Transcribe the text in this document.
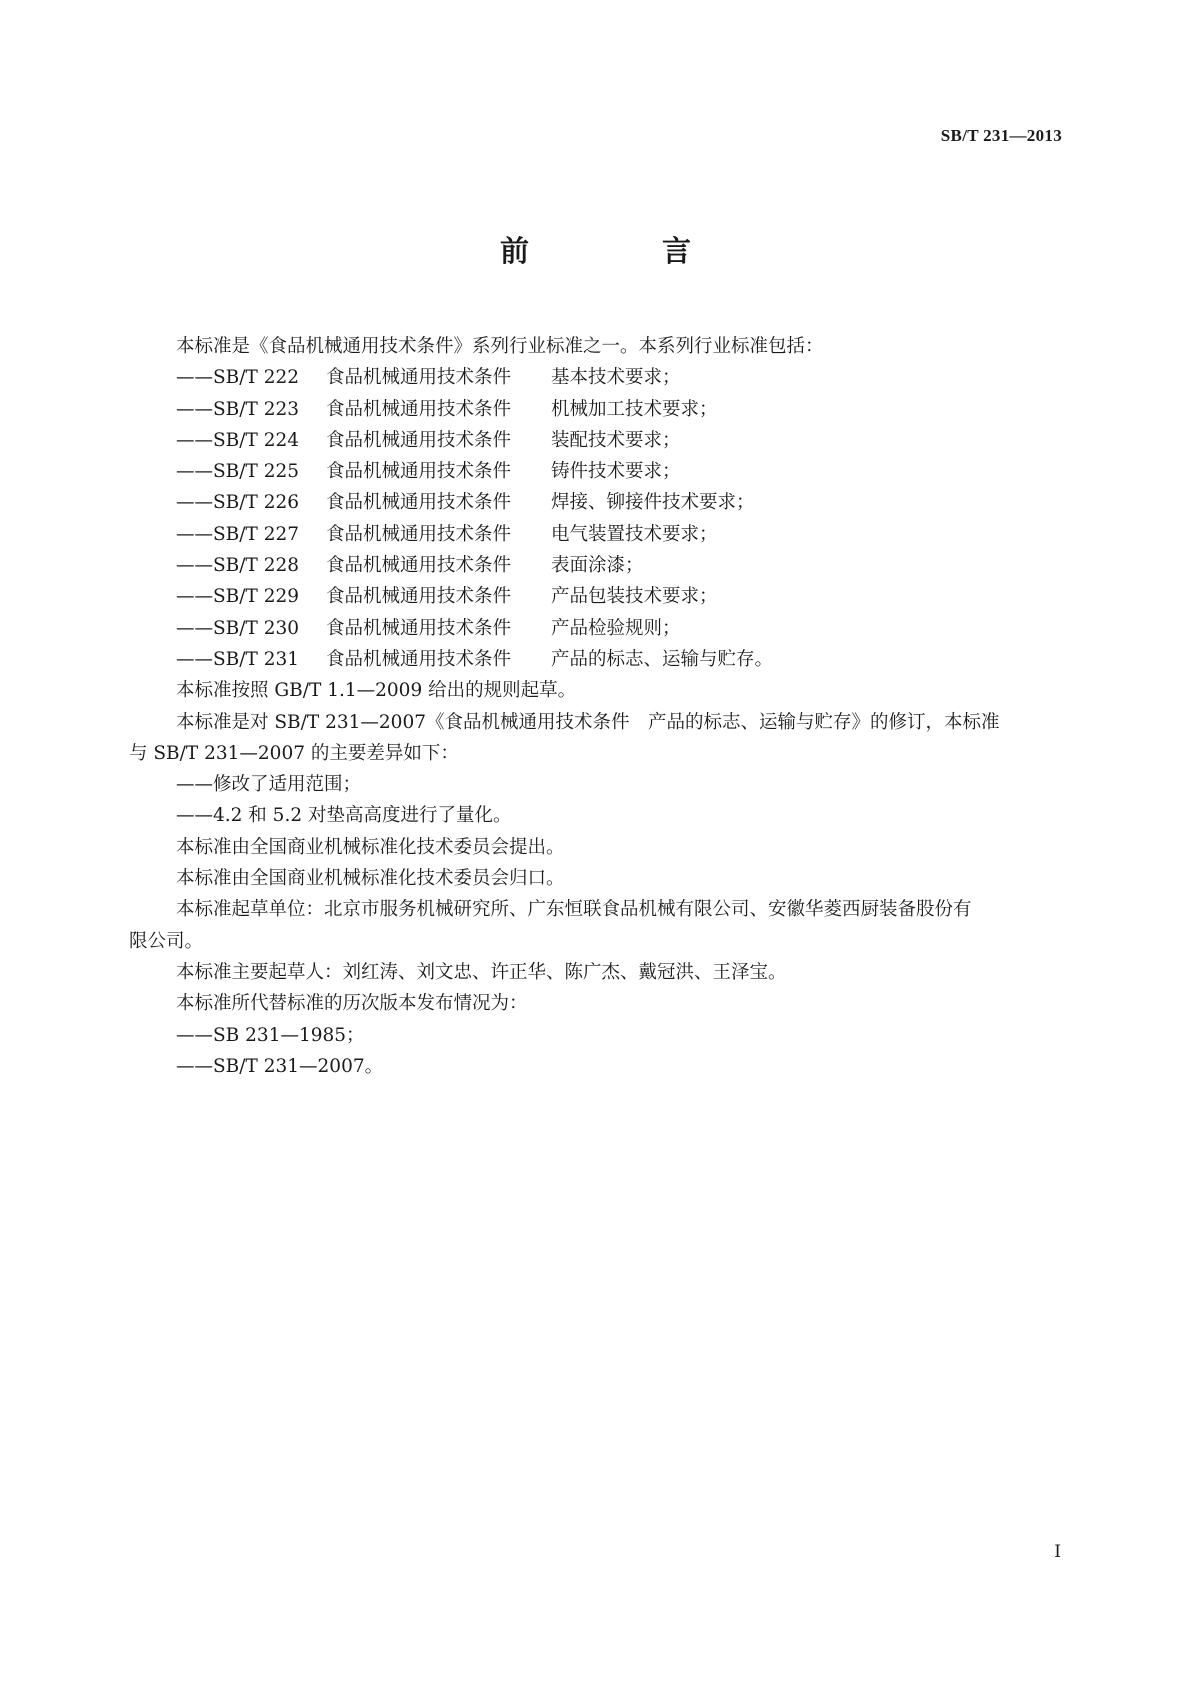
SB/T 231—2013
前　言
本标准是《食品机械通用技术条件》系列行业标准之一。本系列行业标准包括：
——SB/T 222	食品机械通用技术条件	基本技术要求；
——SB/T 223	食品机械通用技术条件	机械加工技术要求；
——SB/T 224	食品机械通用技术条件	装配技术要求；
——SB/T 225	食品机械通用技术条件	铸件技术要求；
——SB/T 226	食品机械通用技术条件	焊接、铆接件技术要求；
——SB/T 227	食品机械通用技术条件	电气装置技术要求；
——SB/T 228	食品机械通用技术条件	表面涂漆；
——SB/T 229	食品机械通用技术条件	产品包装技术要求；
——SB/T 230	食品机械通用技术条件	产品检验规则；
——SB/T 231	食品机械通用技术条件	产品的标志、运输与贮存。
本标准按照 GB/T 1.1—2009 给出的规则起草。
本标准是对 SB/T 231—2007《食品机械通用技术条件　产品的标志、运输与贮存》的修订，本标准
与 SB/T 231—2007 的主要差异如下：
——修改了适用范围；
——4.2 和 5.2 对垫高高度进行了量化。
本标准由全国商业机械标准化技术委员会提出。
本标准由全国商业机械标准化技术委员会归口。
本标准起草单位：北京市服务机械研究所、广东恒联食品机械有限公司、安徽华菱西厨装备股份有
限公司。
本标准主要起草人：刘红涛、刘文忠、许正华、陈广杰、戴冠洪、王泽宝。
本标准所代替标准的历次版本发布情况为：
——SB 231—1985；
——SB/T 231—2007。
I
